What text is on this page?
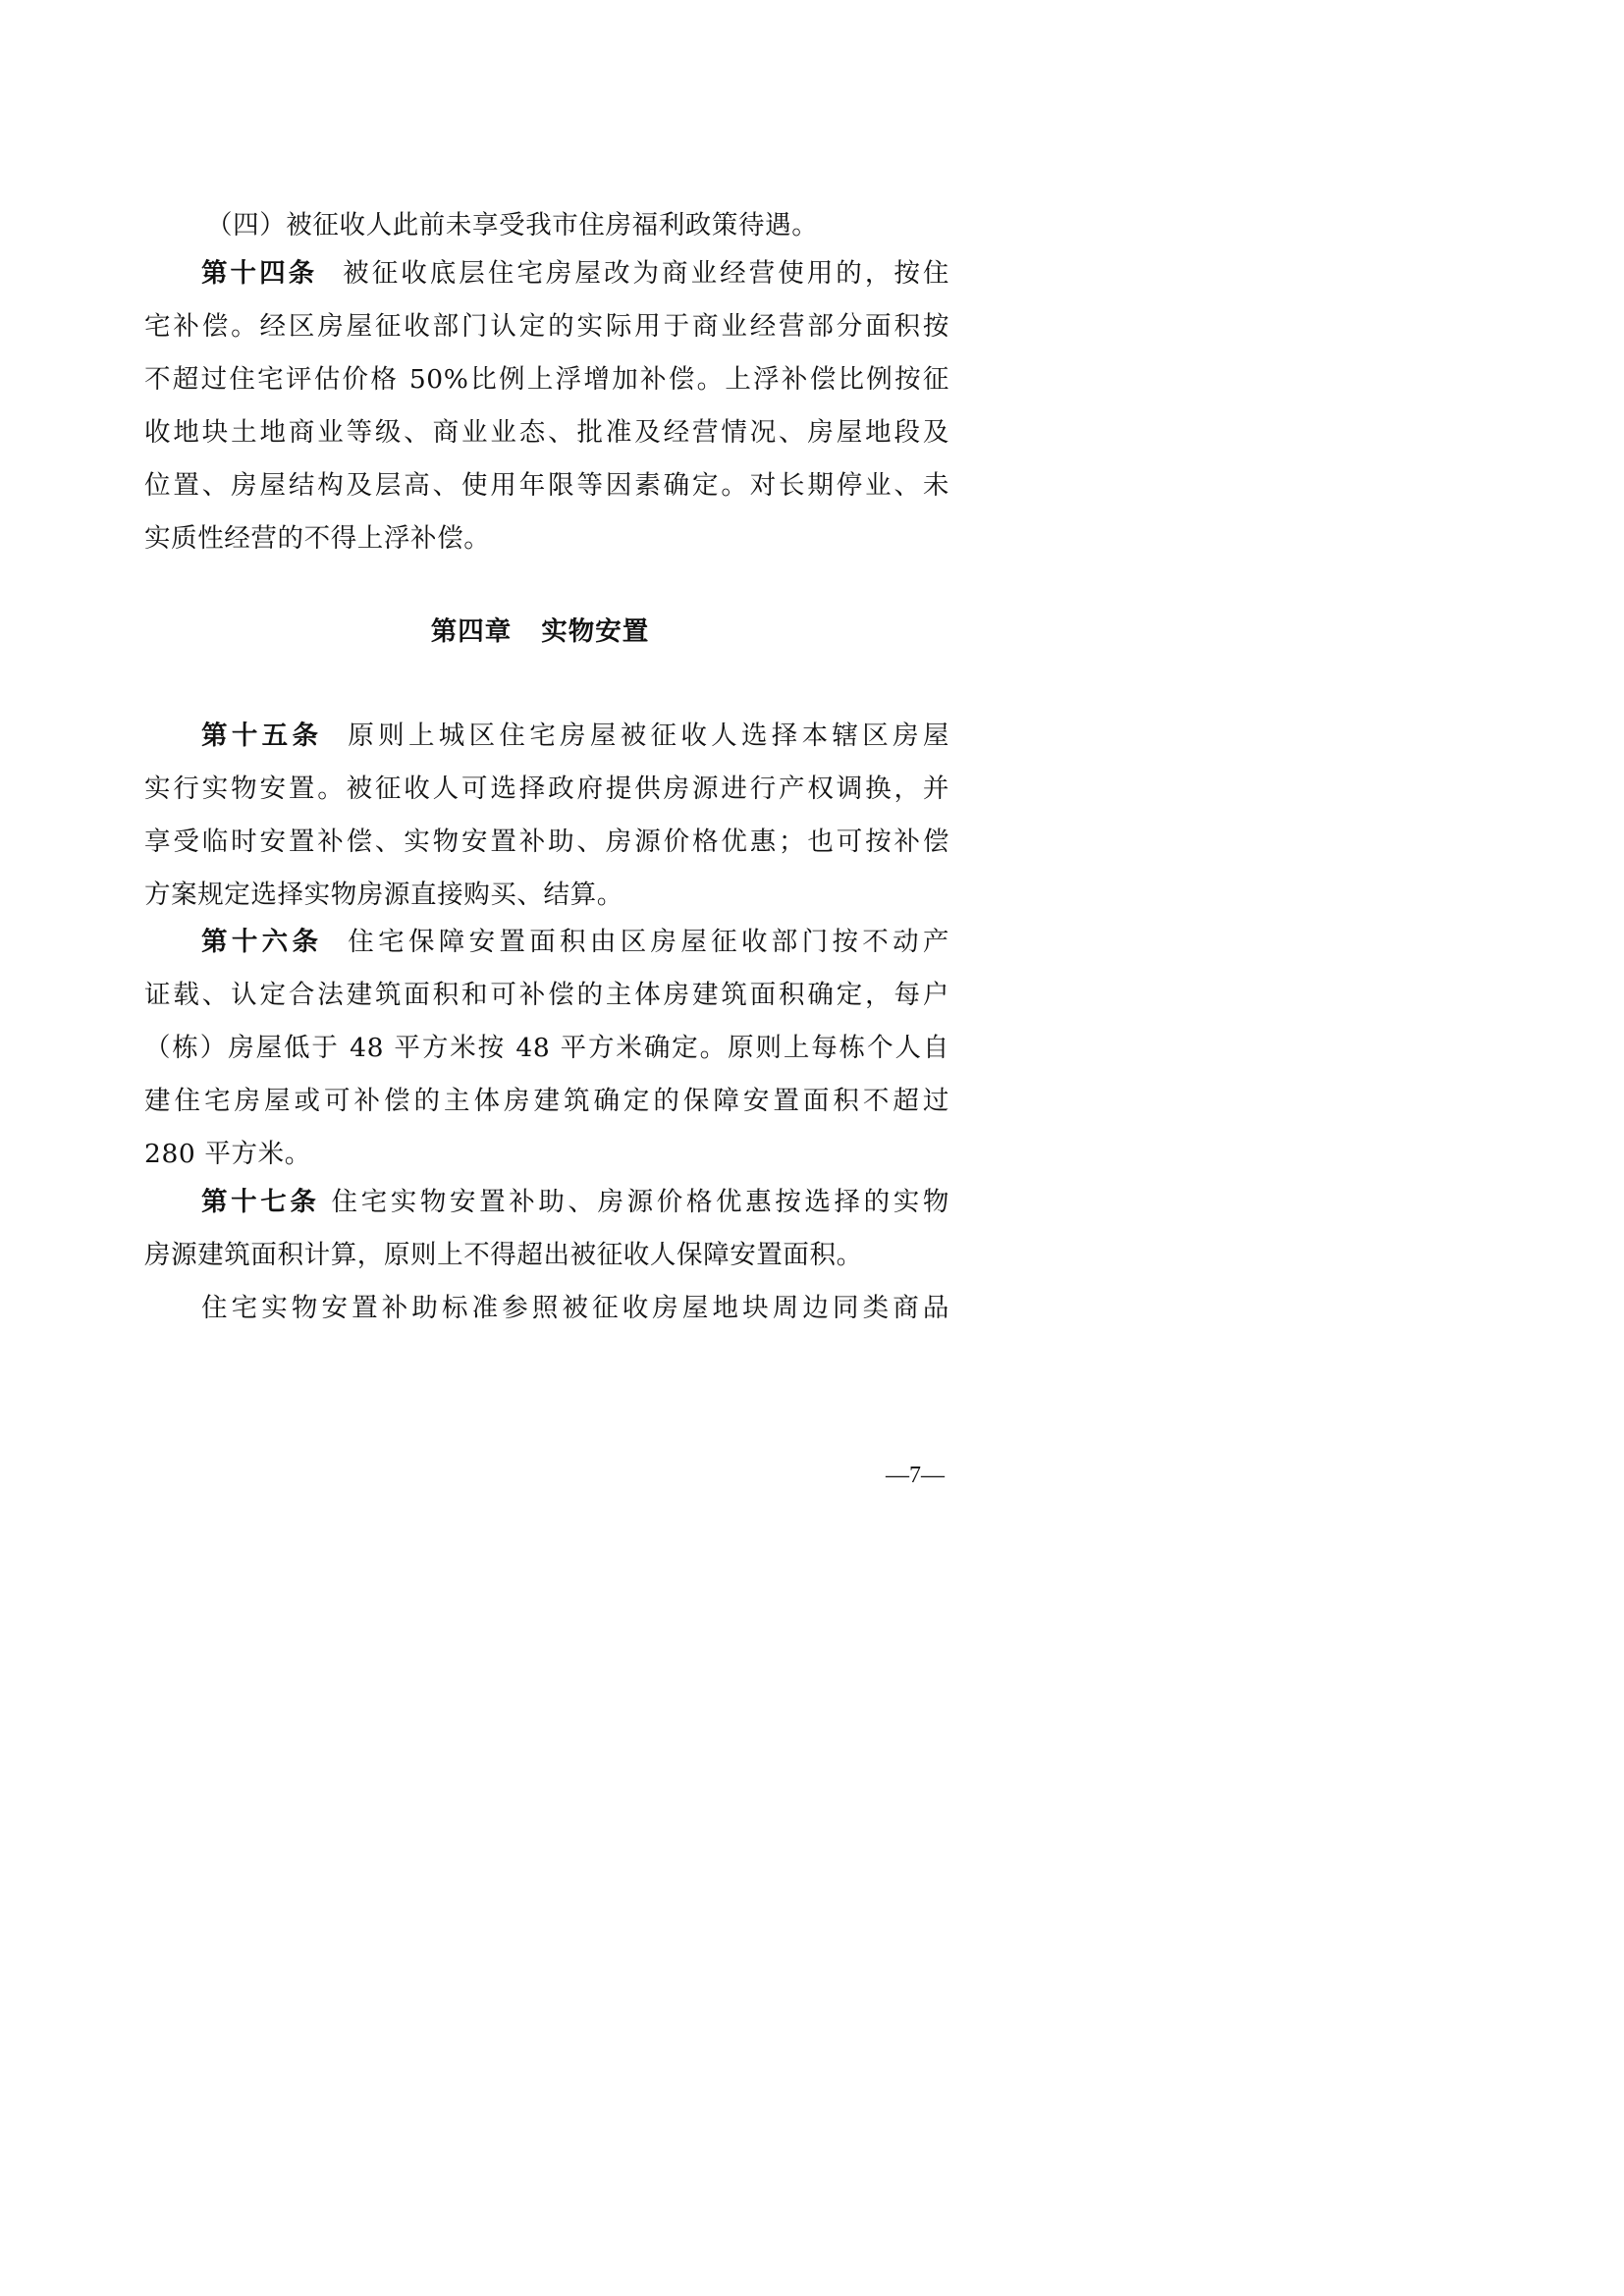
（四）被征收人此前未享受我市住房福利政策待遇。
第十四条 被征收底层住宅房屋改为商业经营使用的，按住
宅补偿。经区房屋征收部门认定的实际用于商业经营部分面积按
不超过住宅评估价格 50%比例上浮增加补偿。上浮补偿比例按征
收地块土地商业等级、商业业态、批准及经营情况、房屋地段及
位置、房屋结构及层高、使用年限等因素确定。对长期停业、未
实质性经营的不得上浮补偿。
第四章 实物安置
第十五条 原则上城区住宅房屋被征收人选择本辖区房屋
实行实物安置。被征收人可选择政府提供房源进行产权调换，并
享受临时安置补偿、实物安置补助、房源价格优惠；也可按补偿
方案规定选择实物房源直接购买、结算。
第十六条 住宅保障安置面积由区房屋征收部门按不动产
证载、认定合法建筑面积和可补偿的主体房建筑面积确定，每户
（栋）房屋低于 48 平方米按 48 平方米确定。原则上每栋个人自
建住宅房屋或可补偿的主体房建筑确定的保障安置面积不超过
280 平方米。
第十七条 住宅实物安置补助、房源价格优惠按选择的实物
房源建筑面积计算，原则上不得超出被征收人保障安置面积。
住宅实物安置补助标准参照被征收房屋地块周边同类商品
—7—
